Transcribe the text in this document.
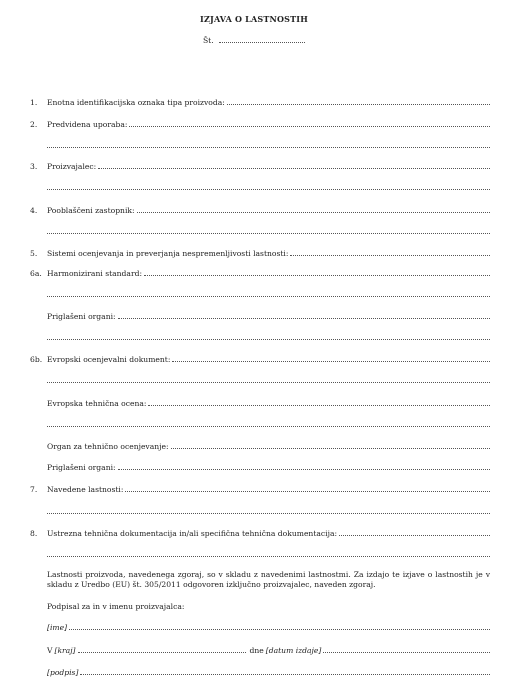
IZJAVA O LASTNOSTIH
Št.
1.	Enotna identifikacijska oznaka tipa proizvoda:
2.	Predvidena uporaba:
3.	Proizvajalec:
4.	Pooblaščeni zastopnik:
5.	Sistemi ocenjevanja in preverjanja nespremenljivosti lastnosti:
6a. Harmonizirani standard:
Priglašeni organi:
6b. Evropski ocenjevalni dokument:
Evropska tehnična ocena:
Organ za tehnično ocenjevanje:
Priglašeni organi:
7.	Navedene lastnosti:
8.	Ustrezna tehnična dokumentacija in/ali specifična tehnična dokumentacija:
Lastnosti proizvoda, navedenega zgoraj, so v skladu z navedenimi lastnostmi. Za izdajo te izjave o lastnostih je v skladu z Uredbo (EU) št. 305/2011 odgovoren izključno proizvajalec, naveden zgoraj.
Podpisal za in v imenu proizvajalca:
[ime]
V [kraj]	dne [datum izdaje]
[podpis]
